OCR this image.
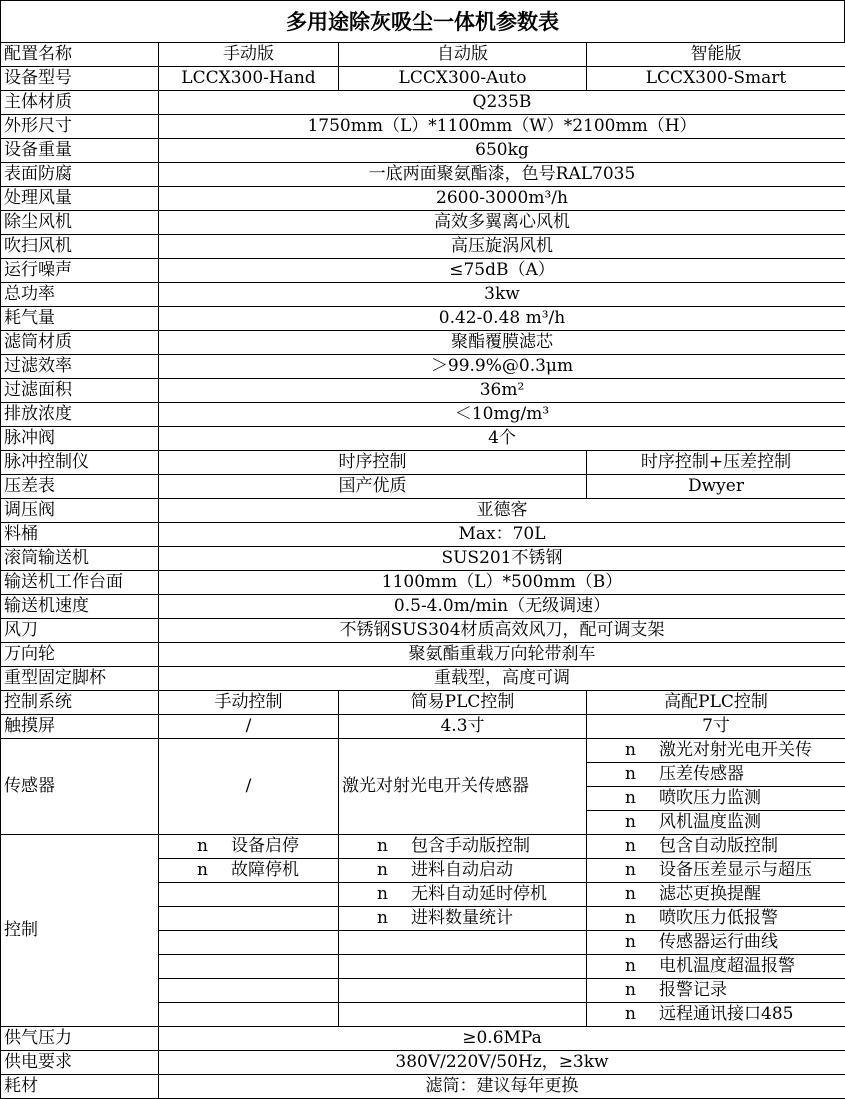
多用途除灰吸尘一体机参数表
配置名称	手动版	自动版	智能版
设备型号	LCCX300-Hand	LCCX300-Auto	LCCX300-Smart
主体材质	Q235B		
外形尺寸	1750mm（L）*1100mm（W）*2100mm（H）		
设备重量	650kg		
表面防腐	一底两面聚氨酯漆，色号RAL7035		
处理风量	2600-3000m³/h		
除尘风机	高效多翼离心风机		
吹扫风机	高压旋涡风机		
运行噪声	≤75dB（A）		
总功率	3kw		
耗气量	0.42-0.48 m³/h		
滤筒材质	聚酯覆膜滤芯		
过滤效率	＞99.9%@0.3μm		
过滤面积	36m²		
排放浓度	＜10mg/m³		
脉冲阀	4个		
脉冲控制仪	时序控制		时序控制+压差控制
压差表	国产优质		Dwyer
调压阀	亚德客		
料桶	Max：70L		
滚筒输送机	SUS201不锈钢		
输送机工作台面	1100mm（L）*500mm（B）		
输送机速度	0.5-4.0m/min（无级调速）		
风刀	不锈钢SUS304材质高效风刀，配可调支架		
万向轮	聚氨酯重载万向轮带刹车		
重型固定脚杯	重载型，高度可调		
控制系统	手动控制	简易PLC控制	高配PLC控制
触摸屏	/	4.3寸	7寸
传感器	/	激光对射光电开关传感器	n 激光对射光电开关传
			n 压差传感器
			n 喷吹压力监测
			n 风机温度监测
控制	n 设备启停	n 包含手动版控制	n 包含自动版控制
	n 故障停机	n 进料自动启动	n 设备压差显示与超压
		n 无料自动延时停机	n 滤芯更换提醒
		n 进料数量统计	n 喷吹压力低报警
			n 传感器运行曲线
			n 电机温度超温报警
			n 报警记录
			n 远程通讯接口485
供气压力	≥0.6MPa		
供电要求	380V/220V/50Hz，≥3kw		
耗材	滤筒：建议每年更换		
